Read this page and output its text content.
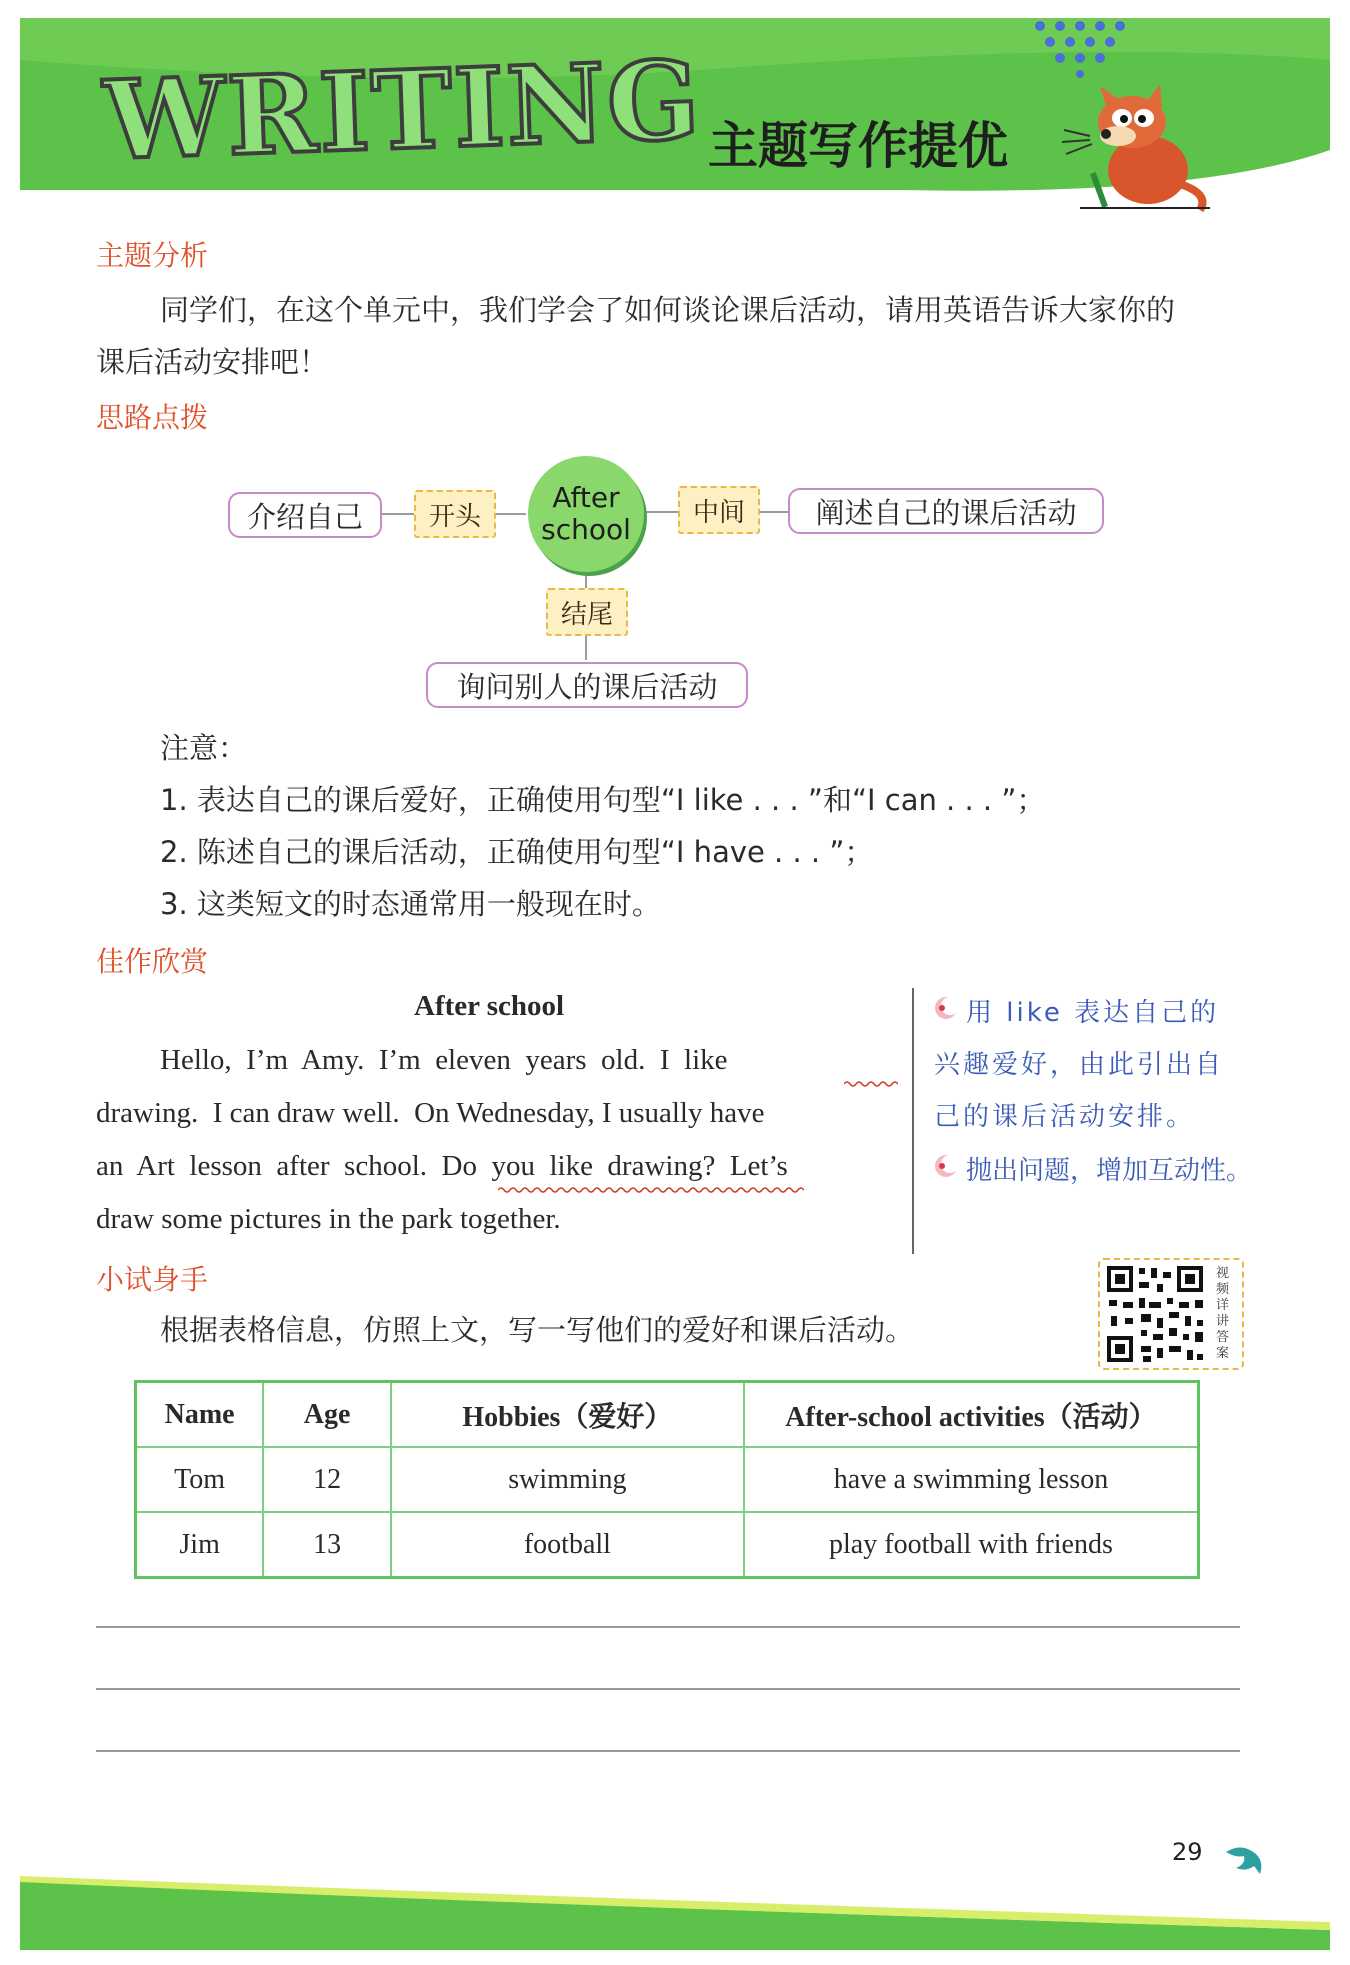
WRITING 主题写作提优
主题分析
同学们，在这个单元中，我们学会了如何谈论课后活动，请用英语告诉大家你的
课后活动安排吧！
思路点拨
After
school
介绍自己	开头	中间	阐述自己的课后活动
结尾
询问别人的课后活动
注意：
1. 表达自己的课后爱好，正确使用句型“I like . . . ”和“I can . . . ”；
2. 陈述自己的课后活动，正确使用句型“I have . . . ”；
3. 这类短文的时态通常用一般现在时。
佳作欣赏
After school
Hello,  I’m  Amy.  I’m  eleven  years  old.  I  like
drawing.  I can draw well.  On Wednesday, I usually have
an  Art  lesson  after  school.  Do  you  like  drawing?  Let’s
draw some pictures in the park together.
用 like 表达自己的
兴趣爱好，由此引出自
己的课后活动安排。
抛出问题，增加互动性。
小试身手
根据表格信息，仿照上文，写一写他们的爱好和课后活动。
视频详讲答案
Name	Age	Hobbies（爱好）	After-school activities（活动）
Tom	12	swimming	have a swimming lesson
Jim	13	football	play football with friends
29
